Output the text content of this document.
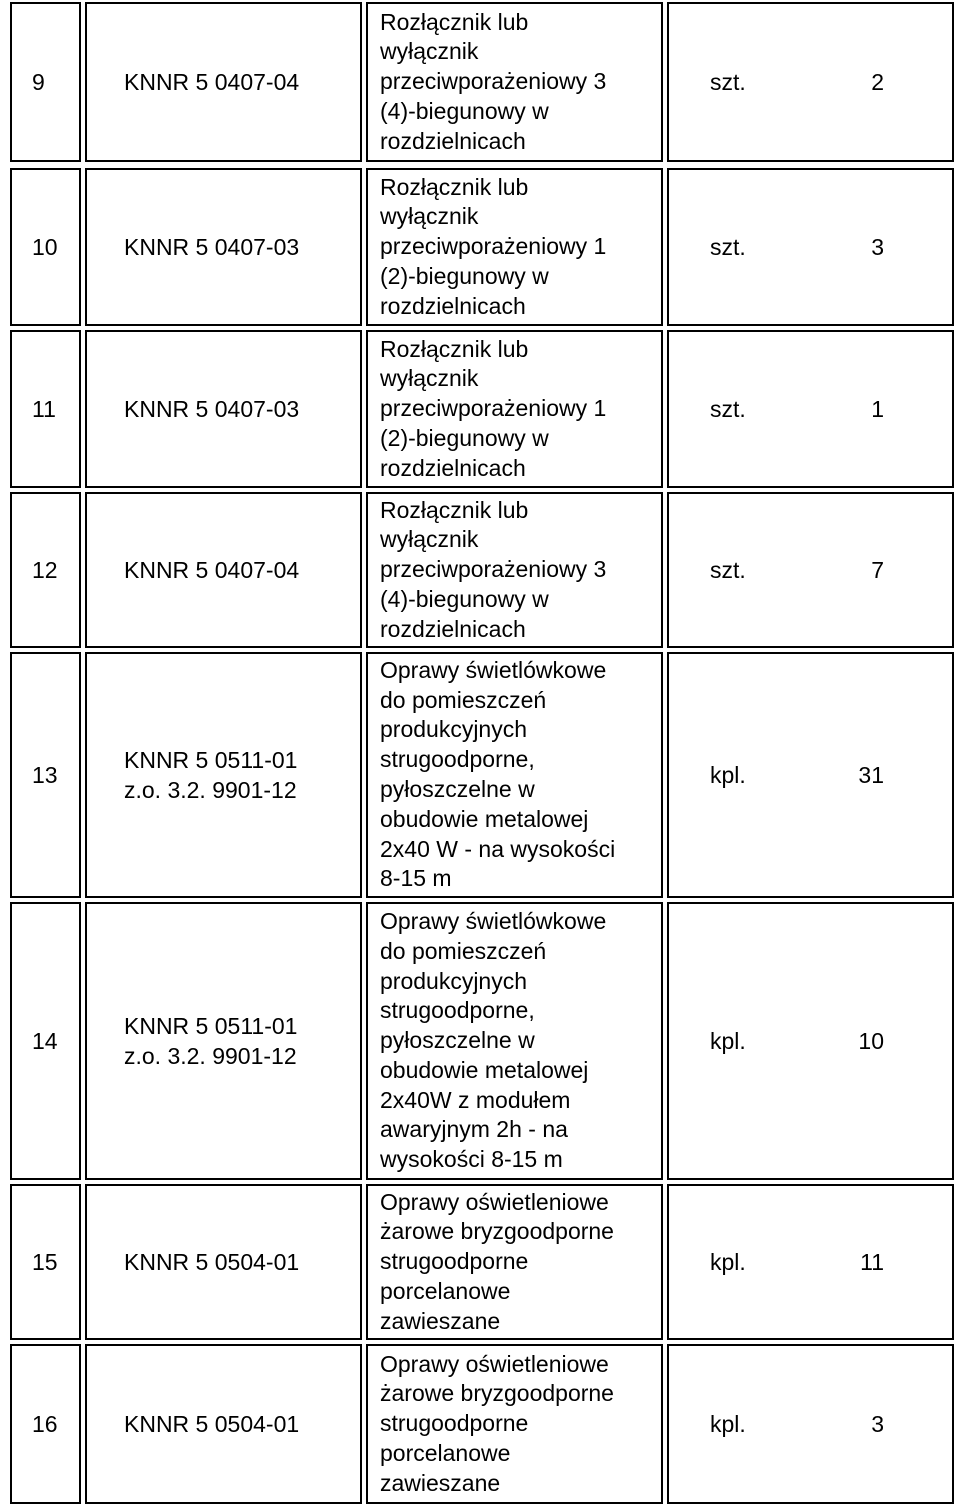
9	KNNR 5 0407-04
Rozłącznik lub
wyłącznik
przeciwporażeniowy 3
(4)-biegunowy w
rozdzielnicach
szt.	2
10	KNNR 5 0407-03
Rozłącznik lub
wyłącznik
przeciwporażeniowy 1
(2)-biegunowy w
rozdzielnicach
szt.	3
11	KNNR 5 0407-03
Rozłącznik lub
wyłącznik
przeciwporażeniowy 1
(2)-biegunowy w
rozdzielnicach
szt.	1
12	KNNR 5 0407-04
Rozłącznik lub
wyłącznik
przeciwporażeniowy 3
(4)-biegunowy w
rozdzielnicach
szt.	7
13
KNNR 5 0511-01
z.o. 3.2. 9901-12
Oprawy świetlówkowe
do pomieszczeń
produkcyjnych
strugoodporne,
pyłoszczelne w
obudowie metalowej
2x40 W - na wysokości
8-15 m
kpl.	31
14
KNNR 5 0511-01
z.o. 3.2. 9901-12
Oprawy świetlówkowe
do pomieszczeń
produkcyjnych
strugoodporne,
pyłoszczelne w
obudowie metalowej
2x40W z modułem
awaryjnym 2h - na
wysokości 8-15 m
kpl.	10
15	KNNR 5 0504-01
Oprawy oświetleniowe
żarowe bryzgoodporne
strugoodporne
porcelanowe
zawieszane
kpl.	11
16	KNNR 5 0504-01
Oprawy oświetleniowe
żarowe bryzgoodporne
strugoodporne
porcelanowe
zawieszane
kpl.	3
